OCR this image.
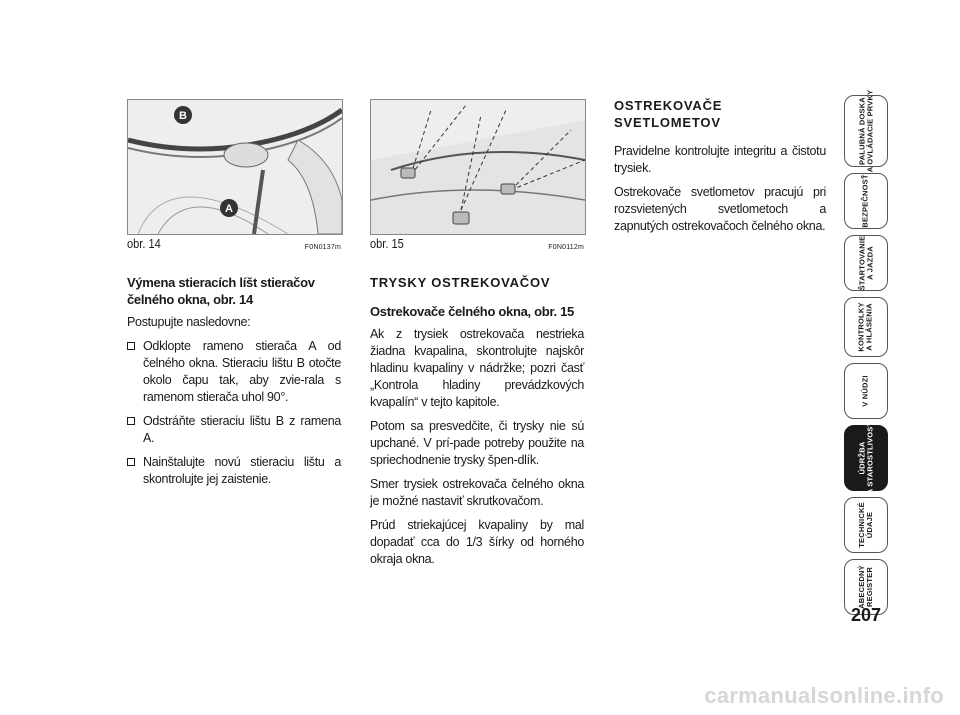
B
A
obr. 14	F0N0137m obr. 15	F0N0112m
Výmena stieracích líšt stieračov čelného okna, obr. 14

Postupujte nasledovne:

Odklopte rameno stierača A od čelného okna. Stieraciu lištu B otočte okolo čapu tak, aby zvie-rala s ramenom stierača uhol 90°.
Odstráňte stieraciu lištu B z ramena A.
Nainštalujte novú stieraciu lištu a skontrolujte jej zaistenie.
TRYSKY OSTREKOVAČOV
Ostrekovače čelného okna, obr. 15

Ak z trysiek ostrekovača nestrieka žiadna kvapalina, skontrolujte najskôr hladinu kvapaliny v nádržke; pozri časť „Kontrola hladiny prevádzkových kvapalín“ v tejto kapitole.

Potom sa presvedčite, či trysky nie sú upchané. V prí-pade potreby použite na spriechodnenie trysky špen-dlík.

Smer trysiek ostrekovača čelného okna je možné nastaviť skrutkovačom.

Prúd striekajúcej kvapaliny by mal dopadať cca do 1/3 šírky od horného okraja okna.

OSTREKOVAČE SVETLOMETOV

Pravidelne kontrolujte integritu a čistotu trysiek.

Ostrekovače svetlometov pracujú pri rozsvietených svetlometoch a zapnutých ostrekovačoch čelného okna.

PALUBNÁ DOSKA
A OVLÁDACIE PRVKY
BEZPEČNOSŤ
ŠTARTOVANIE
A JAZDA
KONTROLKY
A HLÁSENIA
V NÚDZI
ÚDRŽBA
A STAROSTLIVOSŤ
TECHNICKÉ
ÚDAJE
ABECEDNÝ
REGISTER
207
carmanualsonline.info
